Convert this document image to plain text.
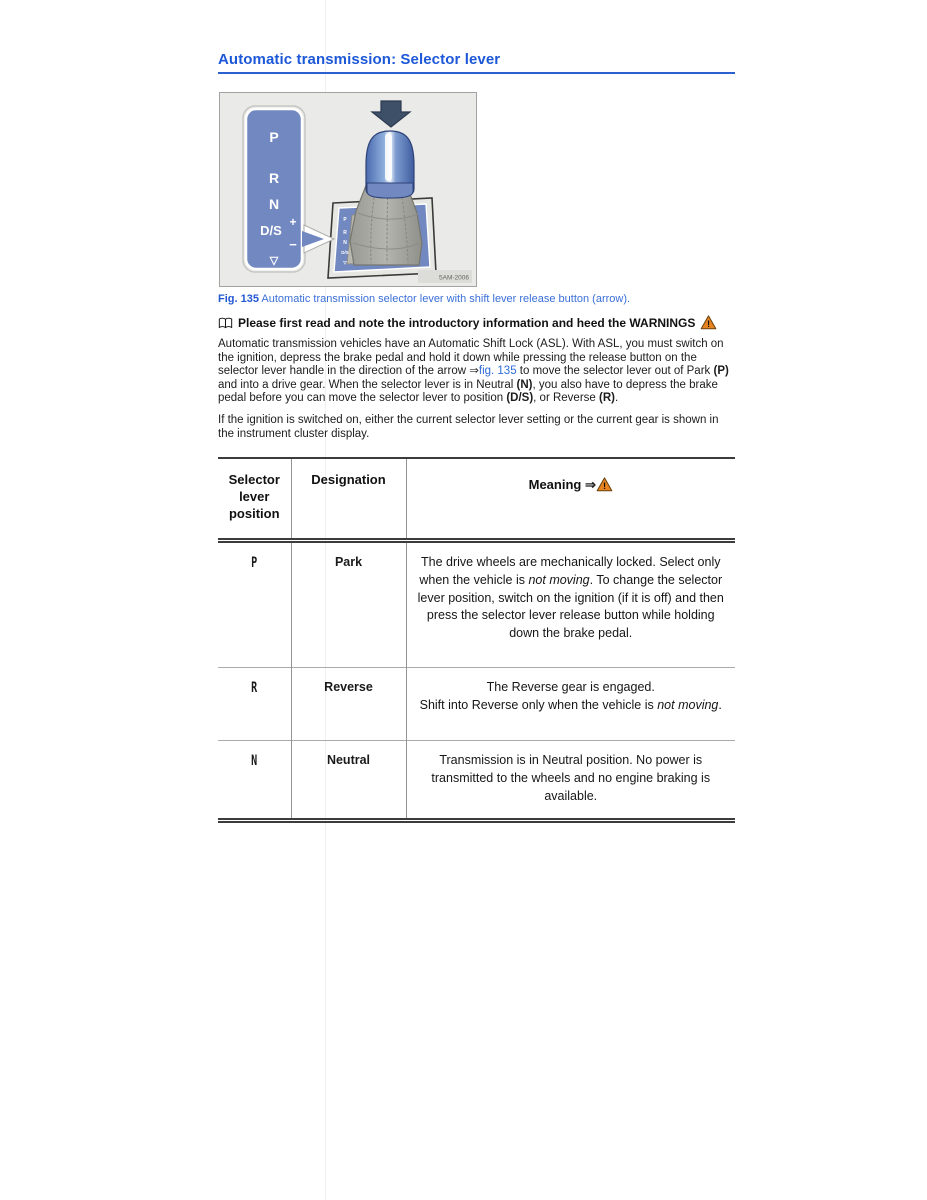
Automatic transmission: Selector lever
P
R
N
D/S
▽
P
R
N
D/S
+
−
▽
5AM-2006
Fig. 135 Automatic transmission selector lever with shift lever release button (arrow).
Please first read and note the introductory information and heed the WARNINGS !
Automatic transmission vehicles have an Automatic Shift Lock (ASL). With ASL, you must switch on the ignition, depress the brake pedal and hold it down while pressing the release button on the selector lever handle in the direction of the arrow ⇒fig. 135 to move the selector lever out of Park (P) and into a drive gear. When the selector lever is in Neutral (N), you also have to depress the brake pedal before you can move the selector lever to position (D/S), or Reverse (R).
If the ignition is switched on, either the current selector lever setting or the current gear is shown in the instrument cluster display.
Selector lever position	Designation	Meaning ⇒ !

P	Park	The drive wheels are mechanically locked. Select only when the vehicle is not moving. To change the selector lever position, switch on the ignition (if it is off) and then press the selector lever release button while holding down the brake pedal.
R	Reverse	The Reverse gear is engaged.
Shift into Reverse only when the vehicle is not moving.
N	Neutral	Transmission is in Neutral position. No power is transmitted to the wheels and no engine braking is available.
